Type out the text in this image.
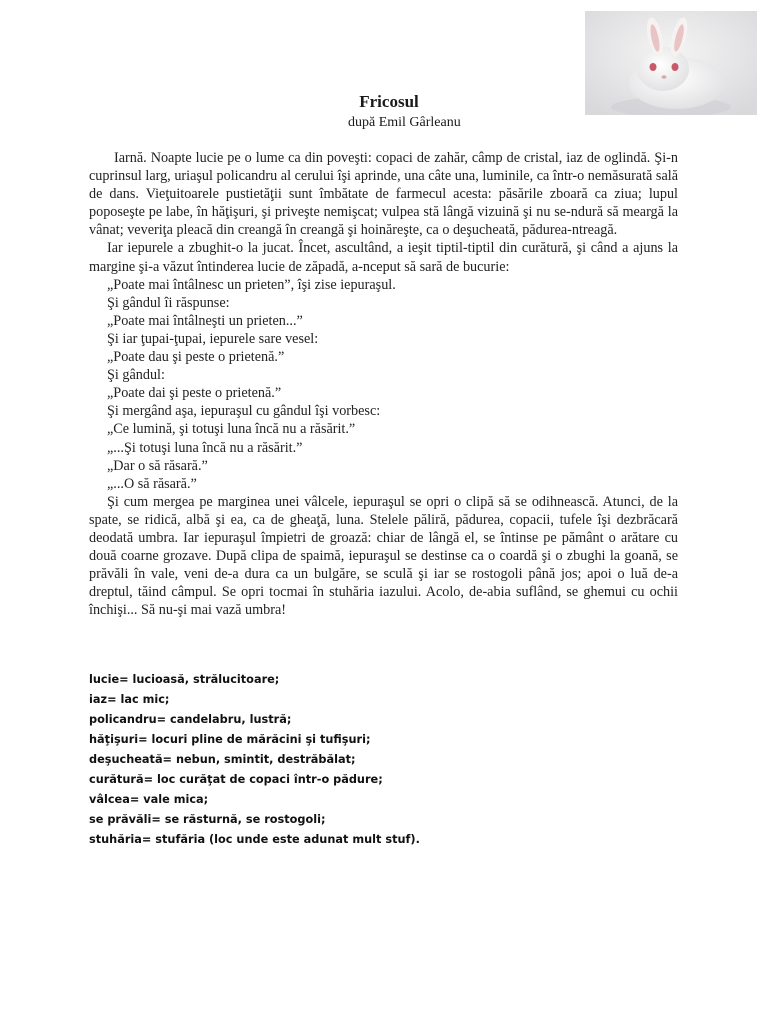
Fricosul
după Emil Gârleanu

Iarnă. Noapte lucie pe o lume ca din poveşti: copaci de zahăr, câmp de cristal, iaz de oglindă. Şi-n cuprinsul larg, uriaşul policandru al cerului îşi aprinde, una câte una, luminile, ca într-o nemăsurată sală de dans. Vieţuitoarele pustietăţii sunt îmbătate de farmecul acesta: păsările zboară ca ziua; lupul poposeşte pe labe, în hăţişuri, şi priveşte nemişcat; vulpea stă lângă vizuină şi nu se-ndură să meargă la vânat; veveriţa pleacă din creangă în creangă şi hoinăreşte, ca o deşucheată, pădurea-ntreagă.

Iar iepurele a zbughit-o la jucat. Încet, ascultând, a ieşit tiptil-tiptil din curătură, şi când a ajuns la margine şi-a văzut întinderea lucie de zăpadă, a-nceput să sară de bucurie:

„Poate mai întâlnesc un prieten”, îşi zise iepuraşul.

Şi gândul îi răspunse:

„Poate mai întâlneşti un prieten...”

Şi iar ţupai-ţupai, iepurele sare vesel:

„Poate dau şi peste o prietenă.”

Şi gândul:

„Poate dai şi peste o prietenă.”

Şi mergând aşa, iepuraşul cu gândul îşi vorbesc:

„Ce lumină, şi totuşi luna încă nu a răsărit.”

„...Şi totuşi luna încă nu a răsărit.”

„Dar o să răsară.”

„...O să răsară.”

Şi cum mergea pe marginea unei vâlcele, iepuraşul se opri o clipă să se odihnească. Atunci, de la spate, se ridică, albă şi ea, ca de gheaţă, luna. Stelele păliră, pădurea, copacii, tufele îşi dezbrăcară deodată umbra. Iar iepuraşul împietri de groază: chiar de lângă el, se întinse pe pământ o arătare cu două coarne grozave. După clipa de spaimă, iepuraşul se destinse ca o coardă şi o zbughi la goană, se prăvăli în vale, veni de-a dura ca un bulgăre, se sculă şi iar se rostogoli până jos; apoi o luă de-a dreptul, tăind câmpul. Se opri tocmai în stuhăria iazului. Acolo, de-abia suflând, se ghemui cu ochii închişi... Să nu-şi mai vază umbra!

lucie= lucioasă, strălucitoare;
iaz= lac mic;
policandru= candelabru, lustră;
hăţişuri= locuri pline de mărăcini şi tufişuri;
deşucheată= nebun, smintit, destrăbălat;
curătură= loc curăţat de copaci într-o pădure;
vâlcea= vale mica;
se prăvăli= se răsturnă, se rostogoli;
stuhăria= stufăria (loc unde este adunat mult stuf).
